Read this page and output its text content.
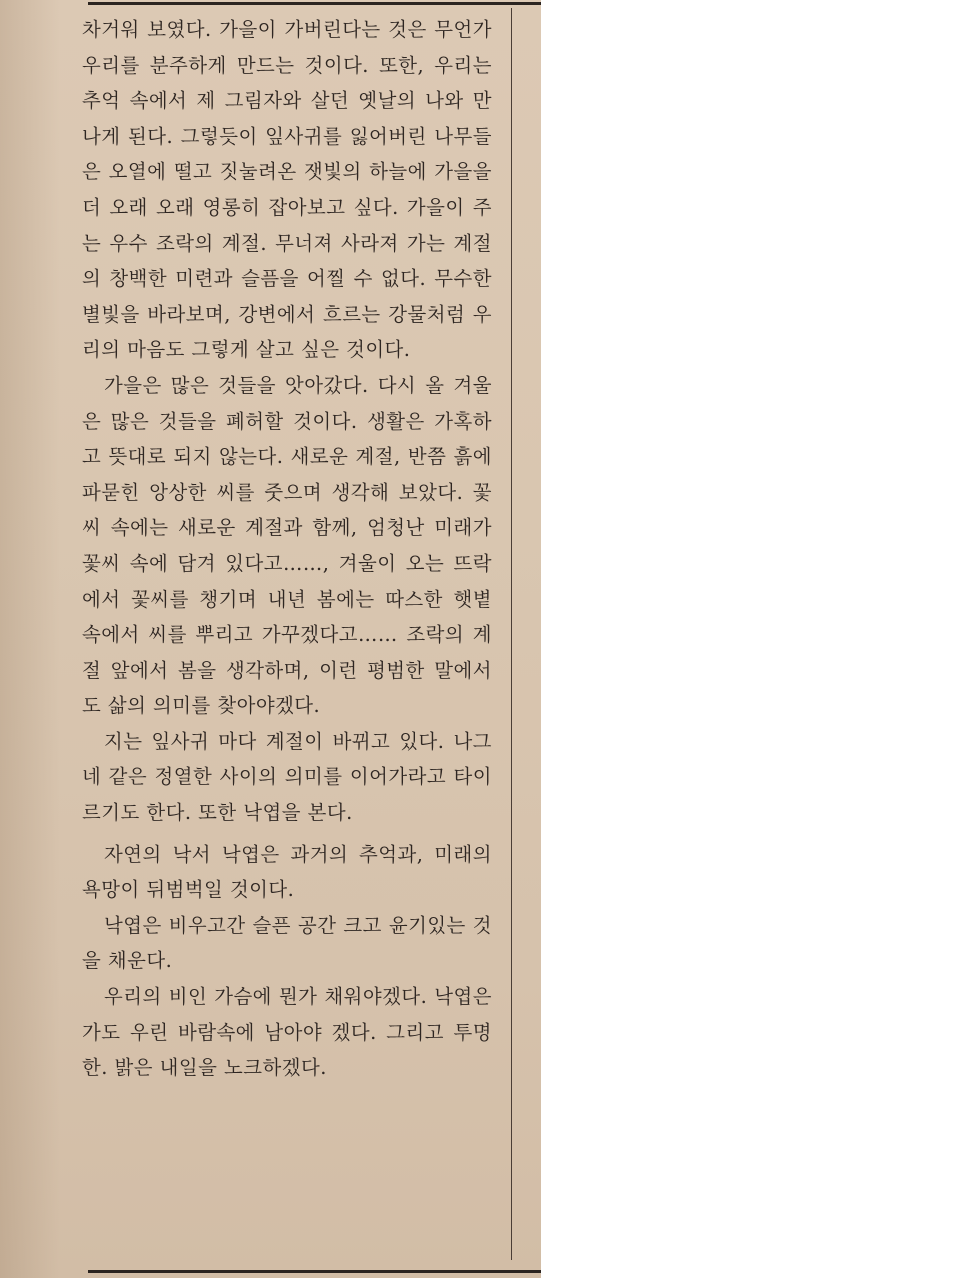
차거워 보였다. 가을이 가버린다는 것은 무언가 우리를 분주하게 만드는 것이다. 또한, 우리는 추억 속에서 제 그림자와 살던 옛날의 나와 만나게 된다. 그렇듯이 잎사귀를 잃어버린 나무들은 오열에 떨고 짓눌려온 잿빛의 하늘에 가을을 더 오래 오래 영롱히 잡아보고 싶다. 가을이 주는 우수 조락의 계절. 무너져 사라져 가는 계절의 창백한 미련과 슬픔을 어찔 수 없다. 무수한 별빛을 바라보며, 강변에서 흐르는 강물처럼 우리의 마음도 그렇게 살고 싶은 것이다.

가을은 많은 것들을 앗아갔다. 다시 올 겨울은 많은 것들을 폐허할 것이다. 생활은 가혹하고 뜻대로 되지 않는다. 새로운 계절, 반쯤 흙에 파묻힌 앙상한 씨를 줏으며 생각해 보았다. 꽃씨 속에는 새로운 계절과 함께, 엄청난 미래가 꽃씨 속에 담겨 있다고……, 겨울이 오는 뜨락에서 꽃씨를 챙기며 내년 봄에는 따스한 햇볕 속에서 씨를 뿌리고 가꾸겠다고…… 조락의 계절 앞에서 봄을 생각하며, 이런 평범한 말에서도 삶의 의미를 찾아야겠다.

지는 잎사귀 마다 계절이 바뀌고 있다. 나그네 같은 정열한 사이의 의미를 이어가라고 타이르기도 한다. 또한 낙엽을 본다.

자연의 낙서 낙엽은 과거의 추억과, 미래의 욕망이 뒤범벅일 것이다.

낙엽은 비우고간 슬픈 공간 크고 윤기있는 것을 채운다.

우리의 비인 가슴에 뭔가 채워야겠다. 낙엽은 가도 우린 바람속에 남아야 겠다. 그리고 투명한. 밝은 내일을 노크하겠다.
